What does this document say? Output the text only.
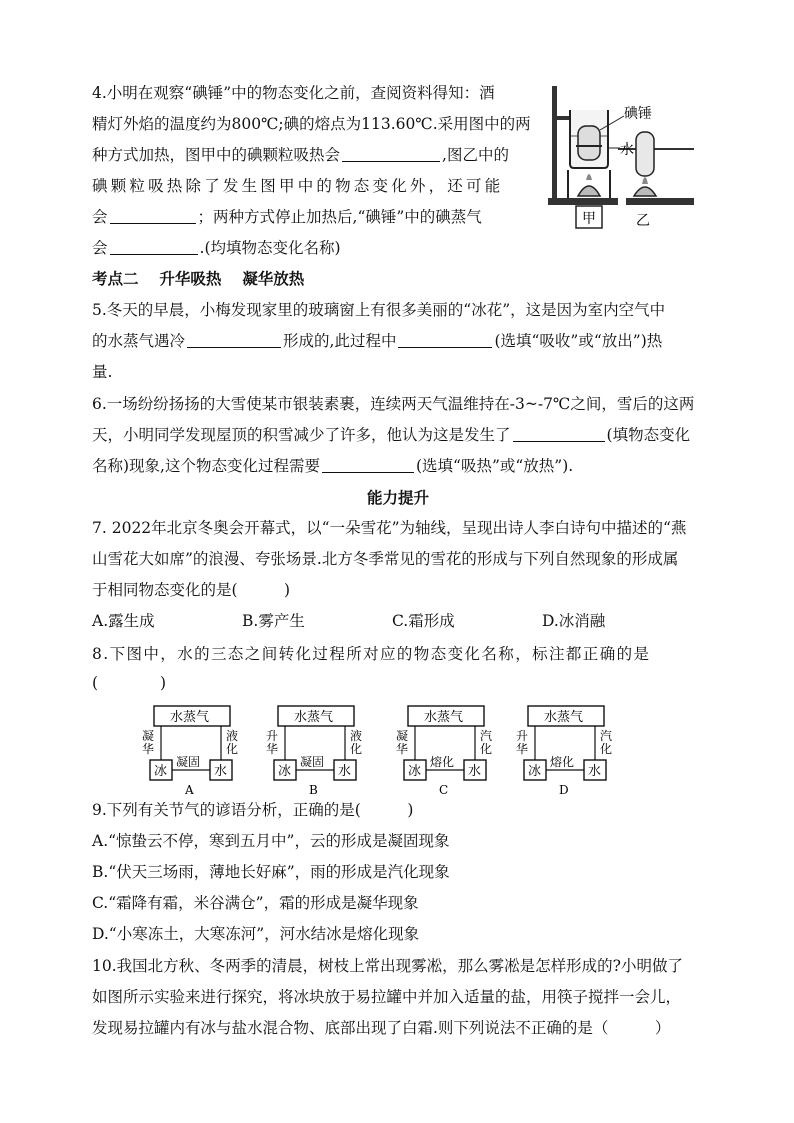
4.小明在观察“碘锤”中的物态变化之前，查阅资料得知：酒
精灯外焰的温度约为800℃;碘的熔点为113.60℃.采用图中的两
种方式加热，图甲中的碘颗粒吸热会	,图乙中的
碘颗粒吸热除了发生图甲中的物态变化外，还可能
会	；两种方式停止加热后,“碘锤”中的碘蒸气
会	.(均填物态变化名称)
甲
碘锤
水
乙
考点二　 升华吸热　 凝华放热
5.冬天的早晨，小梅发现家里的玻璃窗上有很多美丽的“冰花”，这是因为室内空气中
的水蒸气遇冷	形成的,此过程中	(选填“吸收”或“放出”)热
量.
6.一场纷纷扬扬的大雪使某市银装素裹，连续两天气温维持在-3~-7℃之间，雪后的这两
天，小明同学发现屋顶的积雪减少了许多，他认为这是发生了	(填物态变化
名称)现象,这个物态变化过程需要	(选填“吸热”或“放热”).
能力提升
7. 2022年北京冬奥会开幕式，以“一朵雪花”为轴线，呈现出诗人李白诗句中描述的“燕
山雪花大如席”的浪漫、夸张场景.北方冬季常见的雪花的形成与下列自然现象的形成属
于相同物态变化的是(　　　)
A.露生成	B.雾产生	C.霜形成	D.冰消融
8.下图中，水的三态之间转化过程所对应的物态变化名称，标注都正确的是
(　　　　)
水蒸气
冰	水
凝
华
液
化
凝固
A
水蒸气
冰	水
升
华
液
化
凝固
B
水蒸气
冰	水
凝
华
汽
化
熔化
C
水蒸气
冰	水
升
华
汽
化
熔化
D
9.下列有关节气的谚语分析，正确的是(　　　)
A.“惊蛰云不停，寒到五月中”，云的形成是凝固现象
B.“伏天三场雨，薄地长好麻”，雨的形成是汽化现象
C.“霜降有霜，米谷满仓”，霜的形成是凝华现象
D.“小寒冻土，大寒冻河”，河水结冰是熔化现象
10.我国北方秋、冬两季的清晨，树枝上常出现雾凇，那么雾凇是怎样形成的?小明做了
如图所示实验来进行探究，将冰块放于易拉罐中并加入适量的盐，用筷子搅拌一会儿，
发现易拉罐内有冰与盐水混合物、底部出现了白霜.则下列说法不正确的是（　　　）
